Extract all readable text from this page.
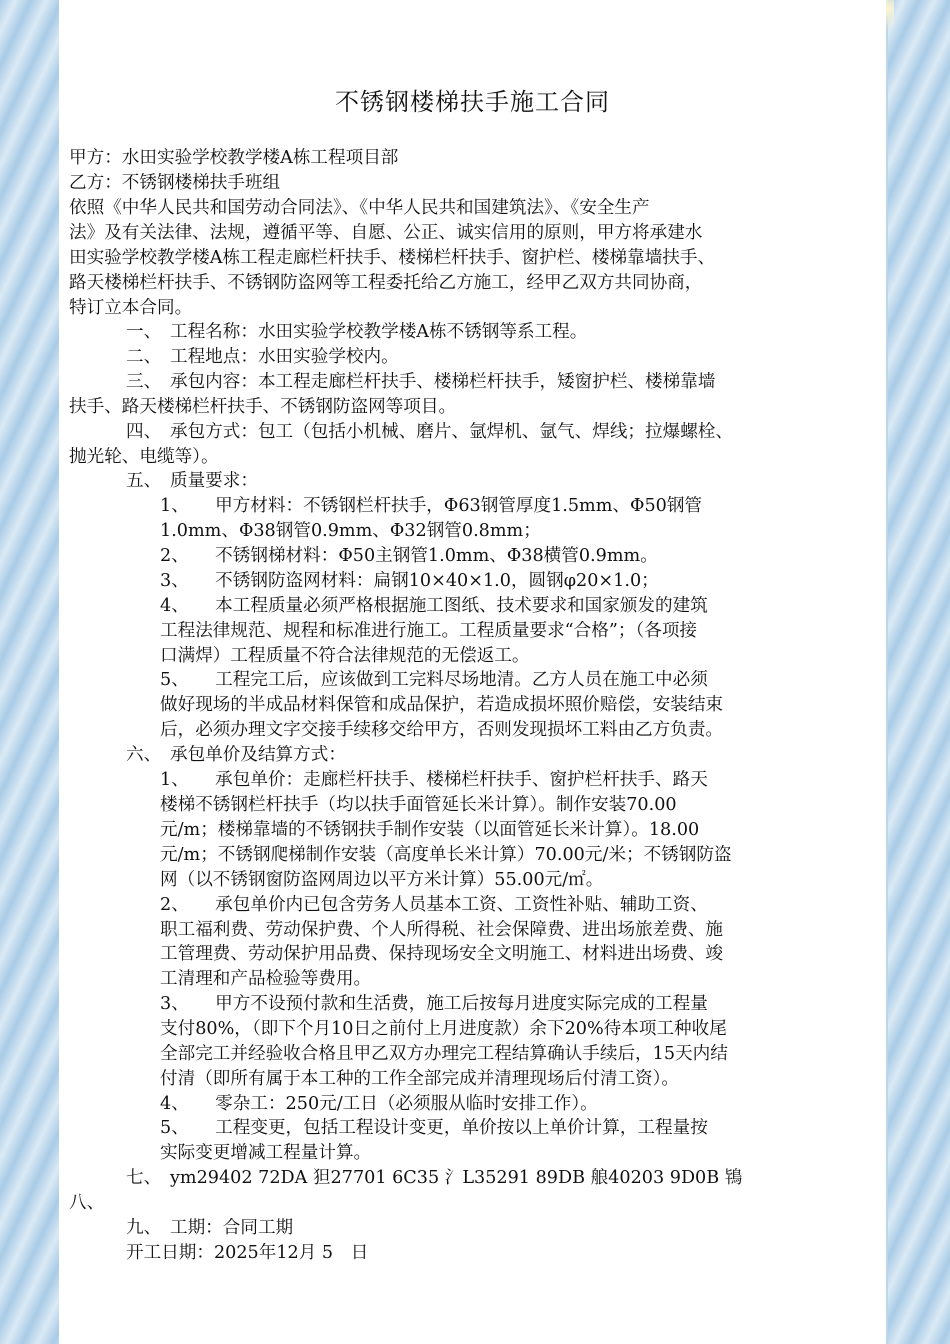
不锈钢楼梯扶手施工合同
甲方：水田实验学校教学楼A栋工程项目部
乙方：不锈钢楼梯扶手班组
依照《中华人民共和国劳动合同法》、《中华人民共和国建筑法》、《安全生产
法》及有关法律、法规，遵循平等、自愿、公正、诚实信用的原则，甲方将承建水
田实验学校教学楼A栋工程走廊栏杆扶手、楼梯栏杆扶手、窗护栏、楼梯靠墙扶手、
路天楼梯栏杆扶手、不锈钢防盗网等工程委托给乙方施工，经甲乙双方共同协商，
特订立本合同。
一、　工程名称：水田实验学校教学楼A栋不锈钢等系工程。
二、　工程地点：水田实验学校内。
三、　承包内容：本工程走廊栏杆扶手、楼梯栏杆扶手，矮窗护栏、楼梯靠墙
扶手、路天楼梯栏杆扶手、不锈钢防盗网等项目。
四、　承包方式：包工（包括小机械、磨片、氩焊机、氩气、焊线；拉爆螺栓、
抛光轮、电缆等）。
五、　质量要求：
1、　　甲方材料：不锈钢栏杆扶手，Φ63钢管厚度1.5mm、Φ50钢管
1.0mm、Φ38钢管0.9mm、Φ32钢管0.8mm；
2、　　不锈钢梯材料：Φ50主钢管1.0mm、Φ38横管0.9mm。
3、　　不锈钢防盗网材料：扁钢10×40×1.0，圆钢φ20×1.0；
4、　　本工程质量必须严格根据施工图纸、技术要求和国家颁发的建筑
工程法律规范、规程和标准进行施工。工程质量要求“合格”；（各项接
口满焊）工程质量不符合法律规范的无偿返工。
5、　　工程完工后，应该做到工完料尽场地清。乙方人员在施工中必须
做好现场的半成品材料保管和成品保护，若造成损坏照价赔偿，安装结束
后，必须办理文字交接手续移交给甲方，否则发现损坏工料由乙方负责。
六、　承包单价及结算方式：
1、　　承包单价：走廊栏杆扶手、楼梯栏杆扶手、窗护栏杆扶手、路天
楼梯不锈钢栏杆扶手（均以扶手面管延长米计算）。制作安装70.00
元/m；楼梯靠墙的不锈钢扶手制作安装（以面管延长米计算）。18.00
元/m；不锈钢爬梯制作安装（高度单长米计算）70.00元/米；不锈钢防盗
网（以不锈钢窗防盗网周边以平方米计算）55.00元/㎡。
2、　　承包单价内已包含劳务人员基本工资、工资性补贴、辅助工资、
职工福利费、劳动保护费、个人所得税、社会保障费、进出场旅差费、施
工管理费、劳动保护用品费、保持现场安全文明施工、材料进出场费、竣
工清理和产品检验等费用。
3、　　甲方不设预付款和生活费，施工后按每月进度实际完成的工程量
支付80%，（即下个月10日之前付上月进度款）余下20%待本项工种收尾
全部完工并经验收合格且甲乙双方办理完工程结算确认手续后，15天内结
付清（即所有属于本工种的工作全部完成并清理现场后付清工资）。
4、　　零杂工：250元/工日（必须服从临时安排工作）。
5、　　工程变更，包括工程设计变更，单价按以上单价计算，工程量按
实际变更增减工程量计算。
七、　ym29402 72DA 狚27701 6C35 氵L35291 89DB 艆40203 9D0B 鴇
八、
九、　工期：合同工期
开工日期：2025年12月 5　日
